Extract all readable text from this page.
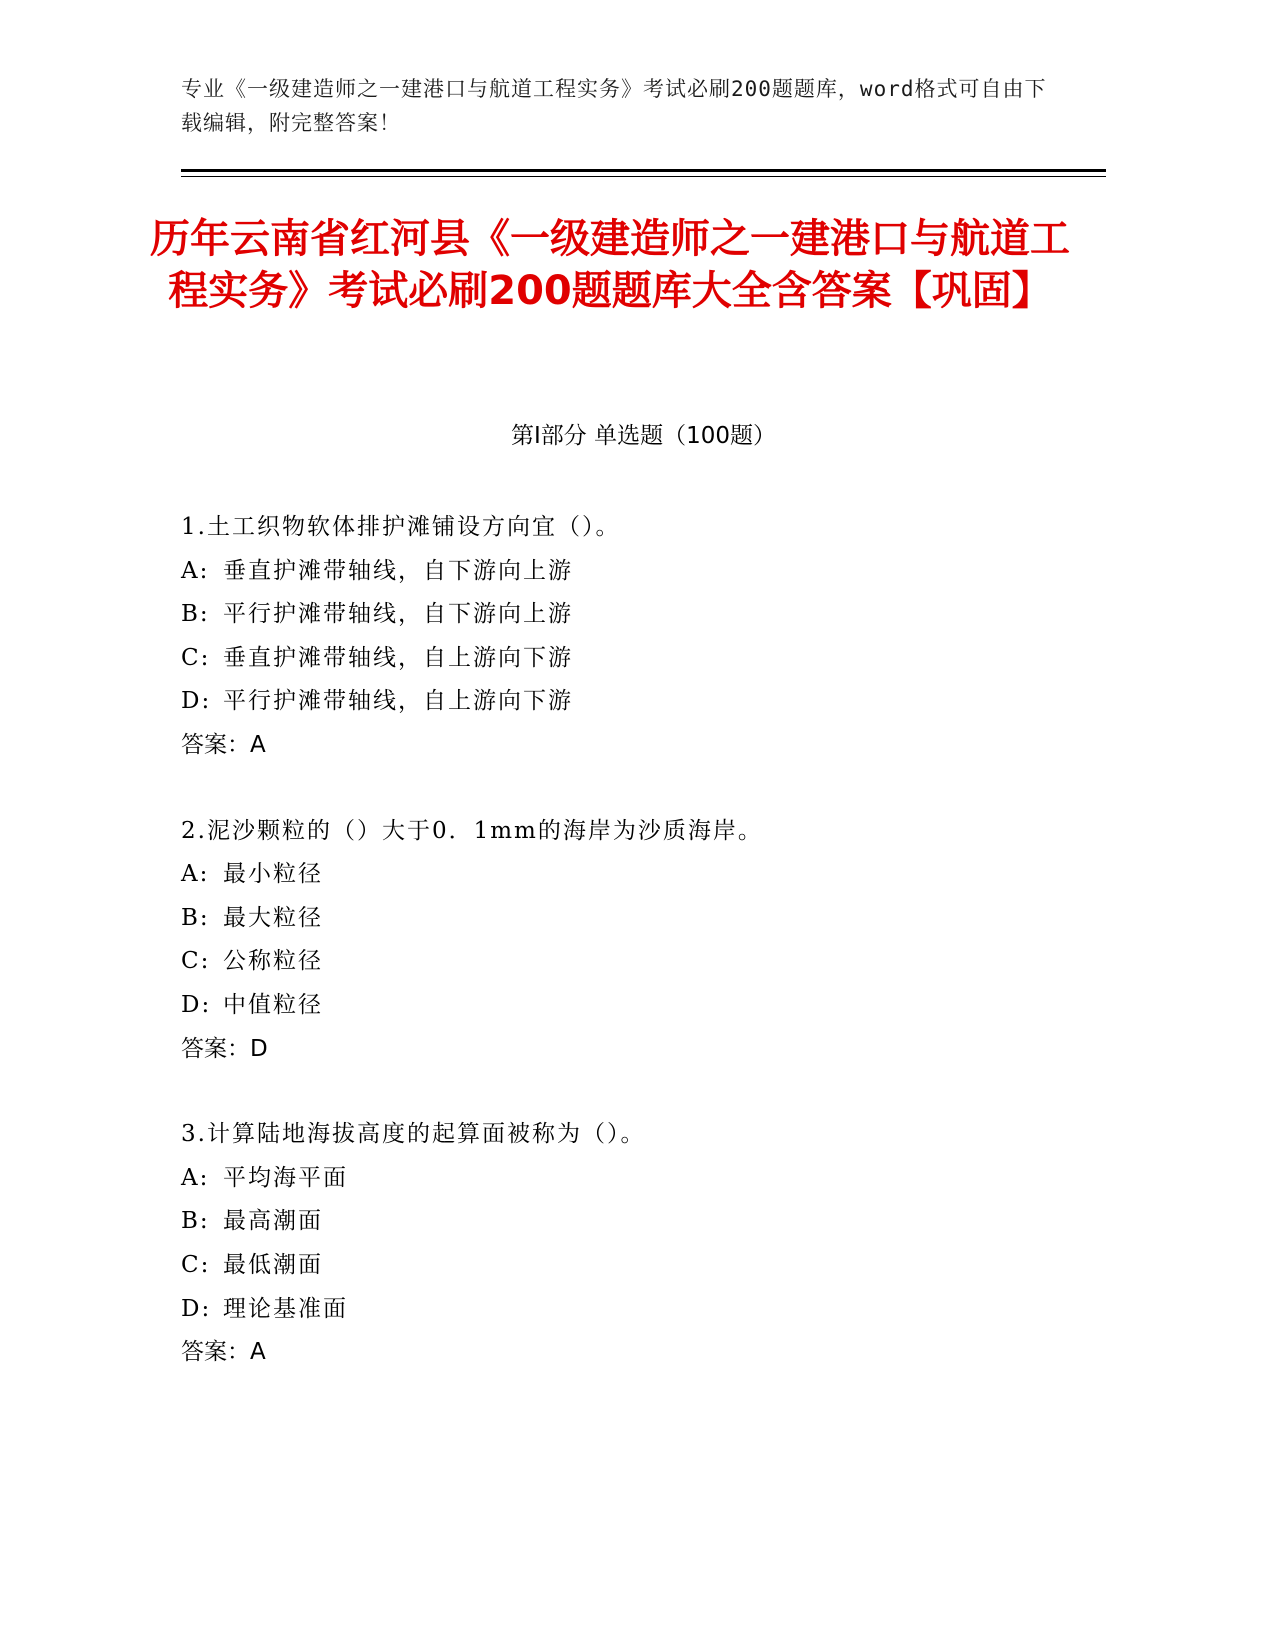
专业《一级建造师之一建港口与航道工程实务》考试必刷200题题库，word格式可自由下载编辑，附完整答案！
历年云南省红河县《一级建造师之一建港口与航道工程实务》考试必刷200题题库大全含答案【巩固】
第Ⅰ部分 单选题（100题）
1.土工织物软体排护滩铺设方向宜（）。
A: 垂直护滩带轴线，自下游向上游
B: 平行护滩带轴线，自下游向上游
C: 垂直护滩带轴线，自上游向下游
D: 平行护滩带轴线，自上游向下游
答案：A
2.泥沙颗粒的（）大于0．1mm的海岸为沙质海岸。
A: 最小粒径
B: 最大粒径
C: 公称粒径
D: 中值粒径
答案：D
3.计算陆地海拔高度的起算面被称为（）。
A: 平均海平面
B: 最高潮面
C: 最低潮面
D: 理论基准面
答案：A
